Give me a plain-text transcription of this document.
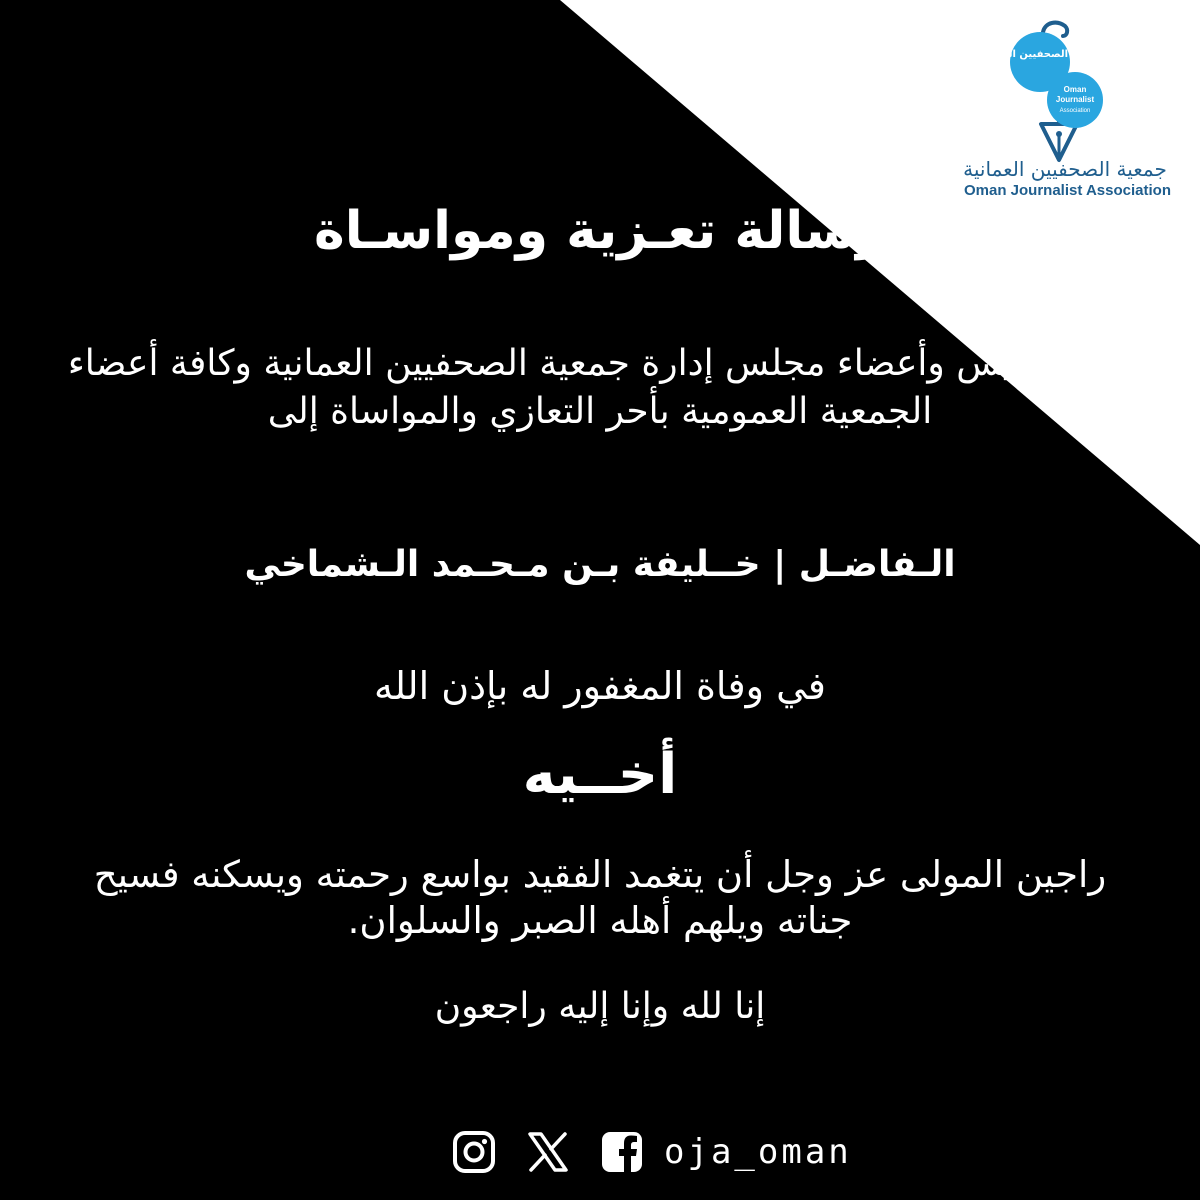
جمعية الصحفيين العمانية
Oman
Journalist
Association
جمعية الصحفيين العمانية
Oman Journalist Association
رسالة تعـزية ومواسـاة
يتقدم رئيس وأعضاء مجلس إدارة جمعية الصحفيين العمانية وكافة أعضاء الجمعية العمومية بأحر التعازي والمواساة إلى
الـفاضـل | خــليفة بـن مـحـمد الـشماخي
في وفاة المغفور له بإذن الله
أخــيه
راجين المولى عز وجل أن يتغمد الفقيد بواسع رحمته ويسكنه فسيح جناته ويلهم أهله الصبر والسلوان.
إنا لله وإنا إليه راجعون
oja_oman
